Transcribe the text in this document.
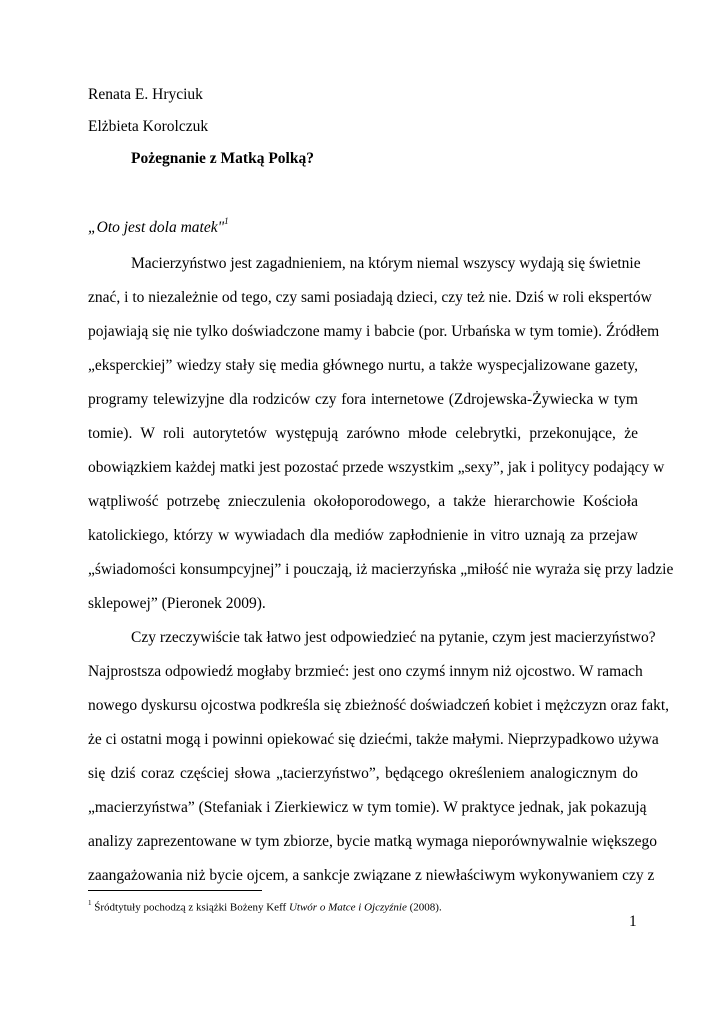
Renata E. Hryciuk
Elżbieta Korolczuk
Pożegnanie z Matką Polką?
„Oto jest dola matek"$^1$
Macierzyństwo jest zagadnieniem, na którym niemal wszyscy wydają się świetnie
znać, i to niezależnie od tego, czy sami posiadają dzieci, czy też nie. Dziś w roli ekspertów
pojawiają się nie tylko doświadczone mamy i babcie (por. Urbańska w tym tomie). Źródłem
„eksperckiej” wiedzy stały się media głównego nurtu, a także wyspecjalizowane gazety,
programy telewizyjne dla rodziców czy fora internetowe (Zdrojewska-Żywiecka w tym
tomie). W roli autorytetów występują zarówno młode celebrytki, przekonujące, że
obowiązkiem każdej matki jest pozostać przede wszystkim „sexy”, jak i politycy podający w
wątpliwość potrzebę znieczulenia okołoporodowego, a także hierarchowie Kościoła
katolickiego, którzy w wywiadach dla mediów zapłodnienie in vitro uznają za przejaw
„świadomości konsumpcyjnej” i pouczają, iż macierzyńska „miłość nie wyraża się przy ladzie
sklepowej” (Pieronek 2009).
Czy rzeczywiście tak łatwo jest odpowiedzieć na pytanie, czym jest macierzyństwo?
Najprostsza odpowiedź mogłaby brzmieć: jest ono czymś innym niż ojcostwo. W ramach
nowego dyskursu ojcostwa podkreśla się zbieżność doświadczeń kobiet i mężczyzn oraz fakt,
że ci ostatni mogą i powinni opiekować się dziećmi, także małymi. Nieprzypadkowo używa
się dziś coraz częściej słowa „tacierzyństwo”, będącego określeniem analogicznym do
„macierzyństwa” (Stefaniak i Zierkiewicz w tym tomie). W praktyce jednak, jak pokazują
analizy zaprezentowane w tym zbiorze, bycie matką wymaga nieporównywalnie większego
zaangażowania niż bycie ojcem, a sankcje związane z niewłaściwym wykonywaniem czy z
$^1$ Śródtytuły pochodzą z książki Bożeny Keff Utwór o Matce i Ojczyźnie (2008).
1
